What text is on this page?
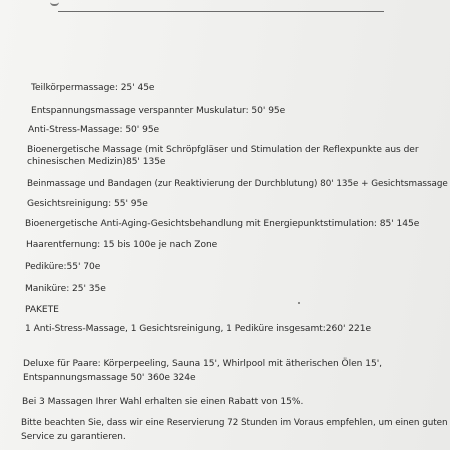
Teilkörpermassage: 25' 45e
Entspannungsmassage verspannter Muskulatur: 50' 95e
Anti-Stress-Massage: 50' 95e
Bioenergetische Massage (mit Schröpfgläser und Stimulation der Reflexpunkte aus der
chinesischen Medizin)85' 135e
Beinmassage und Bandagen (zur Reaktivierung der Durchblutung) 80' 135e + Gesichtsmassage
Gesichtsreinigung: 55' 95e
Bioenergetische Anti-Aging-Gesichtsbehandlung mit Energiepunktstimulation: 85' 145e
Haarentfernung: 15 bis 100e je nach Zone
Pediküre:55' 70e
Maniküre: 25' 35e
PAKETE
1 Anti-Stress-Massage, 1 Gesichtsreinigung, 1 Pediküre insgesamt:260' 221e
Deluxe für Paare: Körperpeeling, Sauna 15', Whirlpool mit ätherischen Ölen 15',
Entspannungsmassage 50' 360e 324e
Bei 3 Massagen Ihrer Wahl erhalten sie einen Rabatt von 15%.
Bitte beachten Sie, dass wir eine Reservierung 72 Stunden im Voraus empfehlen, um einen guten
Service zu garantieren.
